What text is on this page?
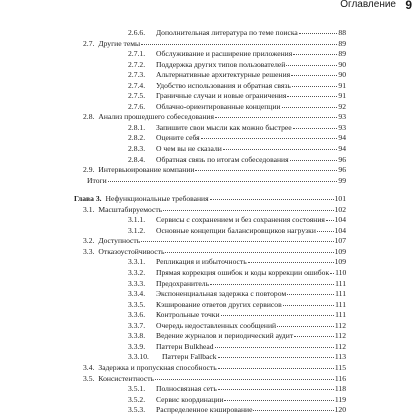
Оглавление 9
2.6.6.	Дополнительная литература по теме поиска	88
2.7. Другие темы	89
2.7.1.	Обслуживание и расширение приложения	89
2.7.2.	Поддержка других типов пользователей	90
2.7.3.	Альтернативные архитектурные решения	90
2.7.4.	Удобство использования и обратная связь	91
2.7.5.	Граничные случаи и новые ограничения	91
2.7.6.	Облачно-ориентированные концепции	92
2.8. Анализ прошедшего собеседования	93
2.8.1.	Запишите свои мысли как можно быстрее	93
2.8.2.	Оцените себя	94
2.8.3.	О чем вы не сказали	94
2.8.4.	Обратная связь по итогам собеседования	96
2.9. Интервьюирование компании	96
Итоги	99
Глава 3. Нефункциональные требования	101
3.1. Масштабируемость	102
3.1.1.	Сервисы с сохранением и без сохранения состояния 104
3.1.2.	Основные концепции балансировщиков нагрузки 104
3.2. Доступность	107
3.3. Отказоустойчивость	109
3.3.1.	Репликация и избыточность	109
3.3.2.	Прямая коррекция ошибок и коды коррекции ошибок 110
3.3.3.	Предохранитель	111
3.3.4.	Экспоненциальная задержка с повтором	111
3.3.5.	Кэширование ответов других сервисов	111
3.3.6.	Контрольные точки	111
3.3.7.	Очередь недоставленных сообщений	112
3.3.8.	Ведение журналов и периодический аудит	112
3.3.9.	Паттерн Bulkhead	112
3.3.10.	Паттерн Fallback	113
3.4. Задержка и пропускная способность	115
3.5. Консистентность	116
3.5.1.	Полносвязная сеть	118
3.5.2.	Сервис координации	119
3.5.3.	Распределенное кэширование	120
